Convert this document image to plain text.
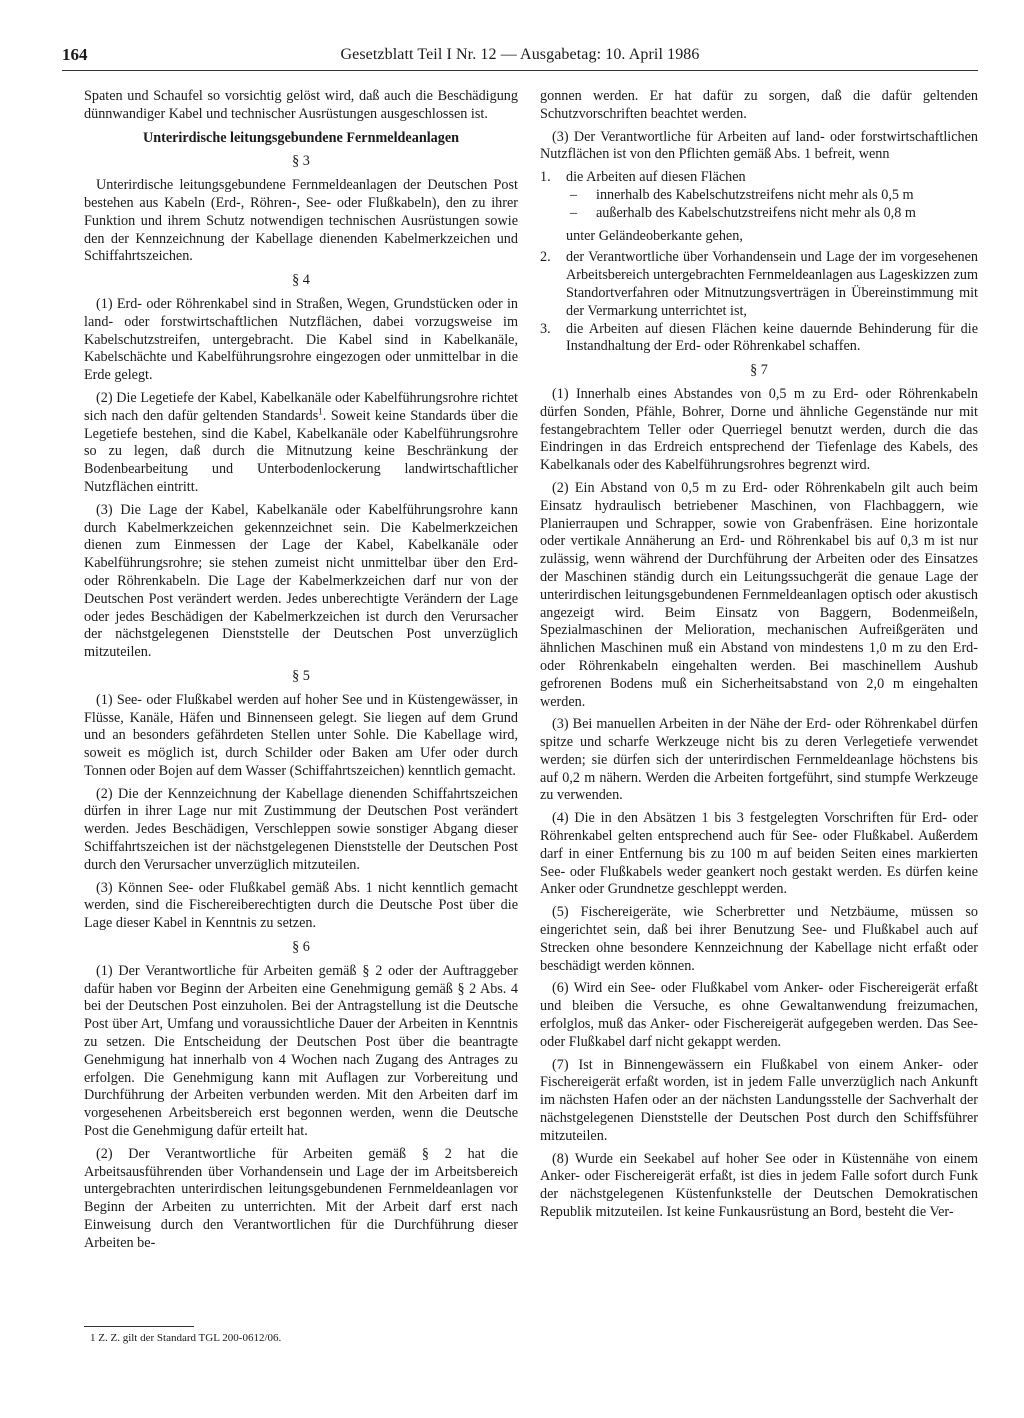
164	Gesetzblatt Teil I Nr. 12 — Ausgabetag: 10. April 1986

Spaten und Schaufel so vorsichtig gelöst wird, daß auch die Beschädigung dünnwandiger Kabel und technischer Ausrüstungen ausgeschlossen ist.

Unterirdische leitungsgebundene Fernmeldeanlagen
§ 3

Unterirdische leitungsgebundene Fernmeldeanlagen der Deutschen Post bestehen aus Kabeln (Erd-, Röhren-, See- oder Flußkabeln), den zu ihrer Funktion und ihrem Schutz notwendigen technischen Ausrüstungen sowie den der Kennzeichnung der Kabellage dienenden Kabelmerkzeichen und Schiffahrtszeichen.

§ 4

(1) Erd- oder Röhrenkabel sind in Straßen, Wegen, Grundstücken oder in land- oder forstwirtschaftlichen Nutzflächen, dabei vorzugsweise im Kabelschutzstreifen, untergebracht. Die Kabel sind in Kabelkanäle, Kabelschächte und Kabelführungsrohre eingezogen oder unmittelbar in die Erde gelegt.

(2) Die Legetiefe der Kabel, Kabelkanäle oder Kabelführungsrohre richtet sich nach den dafür geltenden Standards$^1$. Soweit keine Standards über die Legetiefe bestehen, sind die Kabel, Kabelkanäle oder Kabelführungsrohre so zu legen, daß durch die Mitnutzung keine Beschränkung der Bodenbearbeitung und Unterbodenlockerung landwirtschaftlicher Nutzflächen eintritt.

(3) Die Lage der Kabel, Kabelkanäle oder Kabelführungsrohre kann durch Kabelmerkzeichen gekennzeichnet sein. Die Kabelmerkzeichen dienen zum Einmessen der Lage der Kabel, Kabelkanäle oder Kabelführungsrohre; sie stehen zumeist nicht unmittelbar über den Erd- oder Röhrenkabeln. Die Lage der Kabelmerkzeichen darf nur von der Deutschen Post verändert werden. Jedes unberechtigte Verändern der Lage oder jedes Beschädigen der Kabelmerkzeichen ist durch den Verursacher der nächstgelegenen Dienststelle der Deutschen Post unverzüglich mitzuteilen.

§ 5

(1) See- oder Flußkabel werden auf hoher See und in Küstengewässer, in Flüsse, Kanäle, Häfen und Binnenseen gelegt. Sie liegen auf dem Grund und an besonders gefährdeten Stellen unter Sohle. Die Kabellage wird, soweit es möglich ist, durch Schilder oder Baken am Ufer oder durch Tonnen oder Bojen auf dem Wasser (Schiffahrtszeichen) kenntlich gemacht.

(2) Die der Kennzeichnung der Kabellage dienenden Schiffahrtszeichen dürfen in ihrer Lage nur mit Zustimmung der Deutschen Post verändert werden. Jedes Beschädigen, Verschleppen sowie sonstiger Abgang dieser Schiffahrtszeichen ist der nächstgelegenen Dienststelle der Deutschen Post durch den Verursacher unverzüglich mitzuteilen.

(3) Können See- oder Flußkabel gemäß Abs. 1 nicht kenntlich gemacht werden, sind die Fischereiberechtigten durch die Deutsche Post über die Lage dieser Kabel in Kenntnis zu setzen.

§ 6

(1) Der Verantwortliche für Arbeiten gemäß § 2 oder der Auftraggeber dafür haben vor Beginn der Arbeiten eine Genehmigung gemäß § 2 Abs. 4 bei der Deutschen Post einzuholen. Bei der Antragstellung ist die Deutsche Post über Art, Umfang und voraussichtliche Dauer der Arbeiten in Kenntnis zu setzen. Die Entscheidung der Deutschen Post über die beantragte Genehmigung hat innerhalb von 4 Wochen nach Zugang des Antrages zu erfolgen. Die Genehmigung kann mit Auflagen zur Vorbereitung und Durchführung der Arbeiten verbunden werden. Mit den Arbeiten darf im vorgesehenen Arbeitsbereich erst begonnen werden, wenn die Deutsche Post die Genehmigung dafür erteilt hat.

(2) Der Verantwortliche für Arbeiten gemäß § 2 hat die Arbeitsausführenden über Vorhandensein und Lage der im Arbeitsbereich untergebrachten unterirdischen leitungsgebundenen Fernmeldeanlagen vor Beginn der Arbeiten zu unterrichten. Mit der Arbeit darf erst nach Einweisung durch den Verantwortlichen für die Durchführung dieser Arbeiten be-

1 Z. Z. gilt der Standard TGL 200-0612/06.

gonnen werden. Er hat dafür zu sorgen, daß die dafür geltenden Schutzvorschriften beachtet werden.

(3) Der Verantwortliche für Arbeiten auf land- oder forstwirtschaftlichen Nutzflächen ist von den Pflichten gemäß Abs. 1 befreit, wenn

1. die Arbeiten auf diesen Flächen
– innerhalb des Kabelschutzstreifens nicht mehr als 0,5 m
– außerhalb des Kabelschutzstreifens nicht mehr als 0,8 m
unter Geländeoberkante gehen,
2. der Verantwortliche über Vorhandensein und Lage der im vorgesehenen Arbeitsbereich untergebrachten Fernmeldeanlagen aus Lageskizzen zum Standortverfahren oder Mitnutzungsverträgen in Übereinstimmung mit der Vermarkung unterrichtet ist,
3. die Arbeiten auf diesen Flächen keine dauernde Behinderung für die Instandhaltung der Erd- oder Röhrenkabel schaffen.
§ 7

(1) Innerhalb eines Abstandes von 0,5 m zu Erd- oder Röhrenkabeln dürfen Sonden, Pfähle, Bohrer, Dorne und ähnliche Gegenstände nur mit festangebrachtem Teller oder Querriegel benutzt werden, durch die das Eindringen in das Erdreich entsprechend der Tiefenlage des Kabels, des Kabelkanals oder des Kabelführungsrohres begrenzt wird.

(2) Ein Abstand von 0,5 m zu Erd- oder Röhrenkabeln gilt auch beim Einsatz hydraulisch betriebener Maschinen, von Flachbaggern, wie Planierraupen und Schrapper, sowie von Grabenfräsen. Eine horizontale oder vertikale Annäherung an Erd- und Röhrenkabel bis auf 0,3 m ist nur zulässig, wenn während der Durchführung der Arbeiten oder des Einsatzes der Maschinen ständig durch ein Leitungssuchgerät die genaue Lage der unterirdischen leitungsgebundenen Fernmeldeanlagen optisch oder akustisch angezeigt wird. Beim Einsatz von Baggern, Bodenmeißeln, Spezialmaschinen der Melioration, mechanischen Aufreißgeräten und ähnlichen Maschinen muß ein Abstand von mindestens 1,0 m zu den Erd- oder Röhrenkabeln eingehalten werden. Bei maschinellem Aushub gefrorenen Bodens muß ein Sicherheitsabstand von 2,0 m eingehalten werden.

(3) Bei manuellen Arbeiten in der Nähe der Erd- oder Röhrenkabel dürfen spitze und scharfe Werkzeuge nicht bis zu deren Verlegetiefe verwendet werden; sie dürfen sich der unterirdischen Fernmeldeanlage höchstens bis auf 0,2 m nähern. Werden die Arbeiten fortgeführt, sind stumpfe Werkzeuge zu verwenden.

(4) Die in den Absätzen 1 bis 3 festgelegten Vorschriften für Erd- oder Röhrenkabel gelten entsprechend auch für See- oder Flußkabel. Außerdem darf in einer Entfernung bis zu 100 m auf beiden Seiten eines markierten See- oder Flußkabels weder geankert noch gestakt werden. Es dürfen keine Anker oder Grundnetze geschleppt werden.

(5) Fischereigeräte, wie Scherbretter und Netzbäume, müssen so eingerichtet sein, daß bei ihrer Benutzung See- und Flußkabel auch auf Strecken ohne besondere Kennzeichnung der Kabellage nicht erfaßt oder beschädigt werden können.

(6) Wird ein See- oder Flußkabel vom Anker- oder Fischereigerät erfaßt und bleiben die Versuche, es ohne Gewaltanwendung freizumachen, erfolglos, muß das Anker- oder Fischereigerät aufgegeben werden. Das See- oder Flußkabel darf nicht gekappt werden.

(7) Ist in Binnengewässern ein Flußkabel von einem Anker- oder Fischereigerät erfaßt worden, ist in jedem Falle unverzüglich nach Ankunft im nächsten Hafen oder an der nächsten Landungsstelle der Sachverhalt der nächstgelegenen Dienststelle der Deutschen Post durch den Schiffsführer mitzuteilen.

(8) Wurde ein Seekabel auf hoher See oder in Küstennähe von einem Anker- oder Fischereigerät erfaßt, ist dies in jedem Falle sofort durch Funk der nächstgelegenen Küstenfunkstelle der Deutschen Demokratischen Republik mitzuteilen. Ist keine Funkausrüstung an Bord, besteht die Ver-
